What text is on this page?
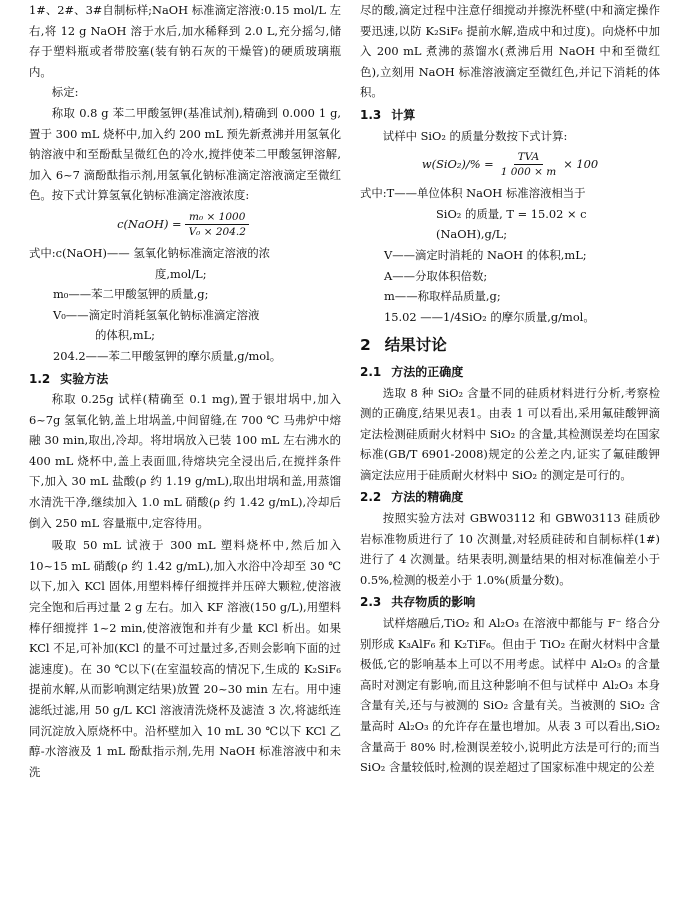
1#、2#、3#自制标样;NaOH 标准滴定溶液:0.15 mol/L 左右,将 12 g NaOH 溶于水后,加水稀释到 2.0 L,充分摇匀,储存于塑料瓶或者带胶塞(装有钠石灰的干燥管)的硬质玻璃瓶内。

标定:

称取 0.8 g 苯二甲酸氢钾(基准试剂),精确到 0.000 1 g,置于 300 mL 烧杯中,加入约 200 mL 预先新煮沸并用氢氧化钠溶液中和至酚酞呈微红色的冷水,搅拌使苯二甲酸氢钾溶解,加入 6~7 滴酚酞指示剂,用氢氧化钠标准滴定溶液滴定至微红色。按下式计算氢氧化钠标准滴定溶液浓度:

c(NaOH) = $\frac{\text{m₀ × 1000}}{\text{V₀ × 204.2}}$

式中:c(NaOH)—— 氢氧化钠标准滴定溶液的浓

度,mol/L;

m₀——苯二甲酸氢钾的质量,g;

V₀——滴定时消耗氢氧化钠标准滴定溶液

的体积,mL;

204.2——苯二甲酸氢钾的摩尔质量,g/mol。

1.2 实验方法

称取 0.25g 试样(精确至 0.1 mg),置于银坩埚中,加入 6~7g 氢氧化钠,盖上坩埚盖,中间留缝,在 700 ℃ 马弗炉中熔融 30 min,取出,冷却。将坩埚放入已装 100 mL 左右沸水的 400 mL 烧杯中,盖上表面皿,待熔块完全浸出后,在搅拌条件下,加入 30 mL 盐酸(ρ 约 1.19 g/mL),取出坩埚和盖,用蒸馏水清洗干净,继续加入 1.0 mL 硝酸(ρ 约 1.42 g/mL),冷却后倒入 250 mL 容量瓶中,定容待用。

吸取 50 mL 试液于 300 mL 塑料烧杯中,然后加入 10~15 mL 硝酸(ρ 约 1.42 g/mL),加入水浴中冷却至 30 ℃以下,加入 KCl 固体,用塑料棒仔细搅拌并压碎大颗粒,使溶液完全饱和后再过量 2 g 左右。加入 KF 溶液(150 g/L),用塑料棒仔细搅拌 1~2 min,使溶液饱和并有少量 KCl 析出。如果 KCl 不足,可补加(KCl 的量不可过量过多,否则会影响下面的过滤速度)。在 30 ℃以下(在室温较高的情况下,生成的 K₂SiF₆ 提前水解,从而影响测定结果)放置 20~30 min 左右。用中速滤纸过滤,用 50 g/L KCl 溶液清洗烧杯及滤渣 3 次,将滤纸连同沉淀放入原烧杯中。沿杯壁加入 10 mL 30 ℃以下 KCl 乙醇-水溶液及 1 mL 酚酞指示剂,先用 NaOH 标准溶液中和未洗

尽的酸,滴定过程中注意仔细搅动并擦洗杯壁(中和滴定操作要迅速,以防 K₂SiF₆ 提前水解,造成中和过度)。向烧杯中加入 200 mL 煮沸的蒸馏水(煮沸后用 NaOH 中和至微红色),立刻用 NaOH 标准溶液滴定至微红色,并记下消耗的体积。

1.3 计算

试样中 SiO₂ 的质量分数按下式计算:

$w(SiO_2)/\% = \frac{\text{TVA}}{1 000 \times m} \times 100$

式中:T——单位体积 NaOH 标准溶液相当于

SiO₂ 的质量, T = 15.02 × c

(NaOH),g/L;

V——滴定时消耗的 NaOH 的体积,mL;

A——分取体积倍数;

m——称取样品质量,g;

15.02 ——1/4SiO₂ 的摩尔质量,g/mol。

2 结果讨论
2.1 方法的正确度

选取 8 种 SiO₂ 含量不同的硅质材料进行分析,考察检测的正确度,结果见表1。由表 1 可以看出,采用氟硅酸钾滴定法检测硅质耐火材料中 SiO₂ 的含量,其检测误差均在国家标准(GB/T 6901-2008)规定的公差之内,证实了氟硅酸钾滴定法应用于硅质耐火材料中 SiO₂ 的测定是可行的。

2.2 方法的精确度

按照实验方法对 GBW03112 和 GBW03113 硅质砂岩标准物质进行了 10 次测量,对轻质硅砖和自制标样(1#)进行了 4 次测量。结果表明,测量结果的相对标准偏差小于 0.5%,检测的极差小于 1.0%(质量分数)。

2.3 共存物质的影响

试样熔融后,TiO₂ 和 Al₂O₃ 在溶液中都能与 F⁻ 络合分别形成 K₃AlF₆ 和 K₂TiF₆。但由于 TiO₂ 在耐火材料中含量极低,它的影响基本上可以不用考虑。试样中 Al₂O₃ 的含量高时对测定有影响,而且这种影响不但与试样中 Al₂O₃ 本身含量有关,还与与被测的 SiO₂ 含量有关。当被测的 SiO₂ 含量高时 Al₂O₃ 的允许存在量也增加。从表 3 可以看出,SiO₂ 含量高于 80% 时,检测误差较小,说明此方法是可行的;而当 SiO₂ 含量较低时,检测的误差超过了国家标准中规定的公差
